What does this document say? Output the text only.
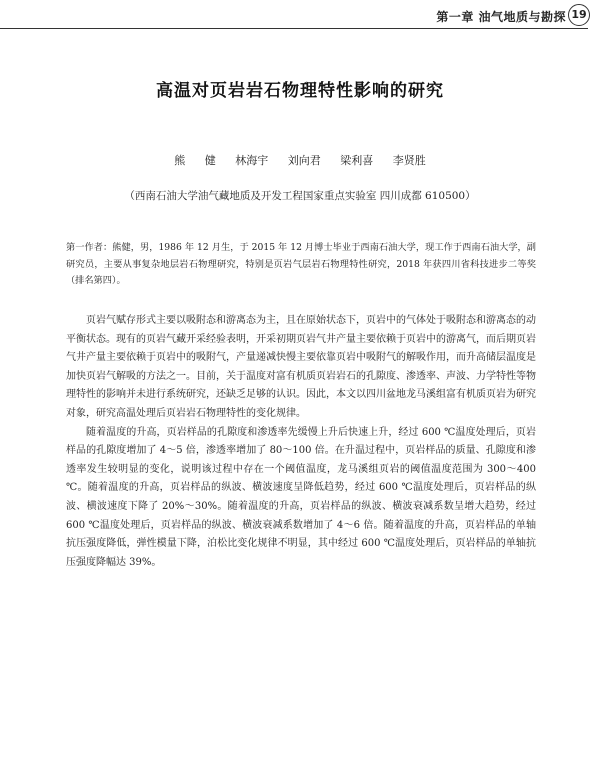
第一章 油气地质与勘探 19
高温对页岩岩石物理特性影响的研究
熊 健 林海宇 刘向君 梁利喜 李贤胜
（西南石油大学油气藏地质及开发工程国家重点实验室 四川成都 610500）
第一作者：熊健，男，1986 年 12 月生，于 2015 年 12 月博士毕业于西南石油大学，现工作于西南石油大学，副研究员，主要从事复杂地层岩石物理研究，特别是页岩气层岩石物理特性研究，2018 年获四川省科技进步二等奖（排名第四）。

页岩气赋存形式主要以吸附态和游离态为主，且在原始状态下，页岩中的气体处于吸附态和游离态的动平衡状态。现有的页岩气藏开采经验表明，开采初期页岩气井产量主要依赖于页岩中的游离气，而后期页岩气井产量主要依赖于页岩中的吸附气，产量递减快慢主要依靠页岩中吸附气的解吸作用，而升高储层温度是加快页岩气解吸的方法之一。目前，关于温度对富有机质页岩岩石的孔隙度、渗透率、声波、力学特性等物理特性的影响并未进行系统研究，还缺乏足够的认识。因此，本文以四川盆地龙马溪组富有机质页岩为研究对象，研究高温处理后页岩岩石物理特性的变化规律。

随着温度的升高，页岩样品的孔隙度和渗透率先缓慢上升后快速上升，经过 600 ℃温度处理后，页岩样品的孔隙度增加了 4～5 倍，渗透率增加了 80～100 倍。在升温过程中，页岩样品的质量、孔隙度和渗透率发生较明显的变化，说明该过程中存在一个阈值温度，龙马溪组页岩的阈值温度范围为 300～400 ℃。随着温度的升高，页岩样品的纵波、横波速度呈降低趋势，经过 600 ℃温度处理后，页岩样品的纵波、横波速度下降了 20%～30%。随着温度的升高，页岩样品的纵波、横波衰减系数呈增大趋势，经过 600 ℃温度处理后，页岩样品的纵波、横波衰减系数增加了 4～6 倍。随着温度的升高，页岩样品的单轴抗压强度降低，弹性模量下降，泊松比变化规律不明显，其中经过 600 ℃温度处理后，页岩样品的单轴抗压强度降幅达 39%。
